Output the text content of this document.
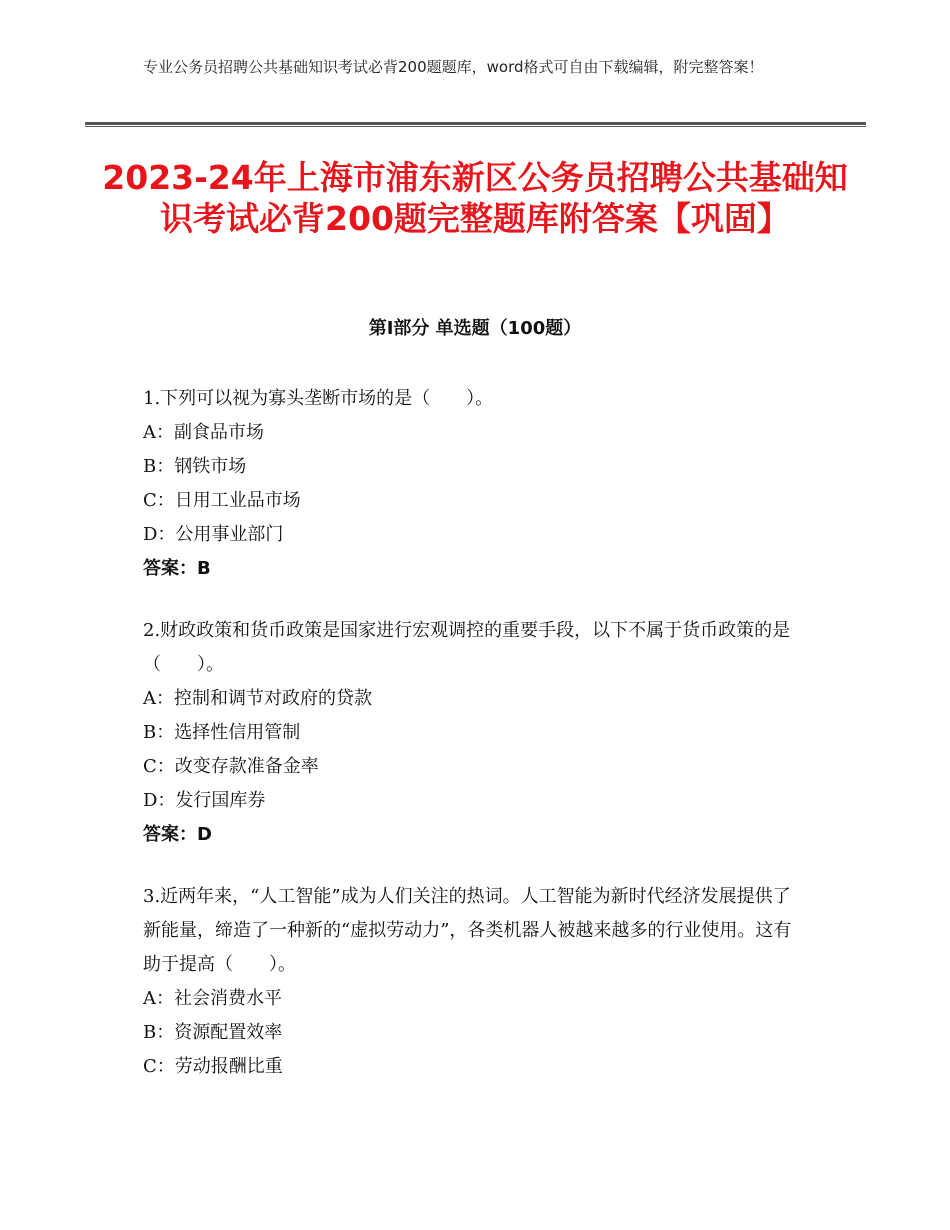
专业公务员招聘公共基础知识考试必背200题题库，word格式可自由下载编辑，附完整答案！
2023-24年上海市浦东新区公务员招聘公共基础知识考试必背200题完整题库附答案【巩固】
第Ⅰ部分 单选题（100题）
1.下列可以视为寡头垄断市场的是（　　）。
A：副食品市场
B：钢铁市场
C：日用工业品市场
D：公用事业部门
答案：B
2.财政政策和货币政策是国家进行宏观调控的重要手段，以下不属于货币政策的是（　　）。
A：控制和调节对政府的贷款
B：选择性信用管制
C：改变存款准备金率
D：发行国库券
答案：D
3.近两年来，“人工智能”成为人们关注的热词。人工智能为新时代经济发展提供了新能量，缔造了一种新的“虚拟劳动力”，各类机器人被越来越多的行业使用。这有助于提高（　　）。
A：社会消费水平
B：资源配置效率
C：劳动报酬比重
